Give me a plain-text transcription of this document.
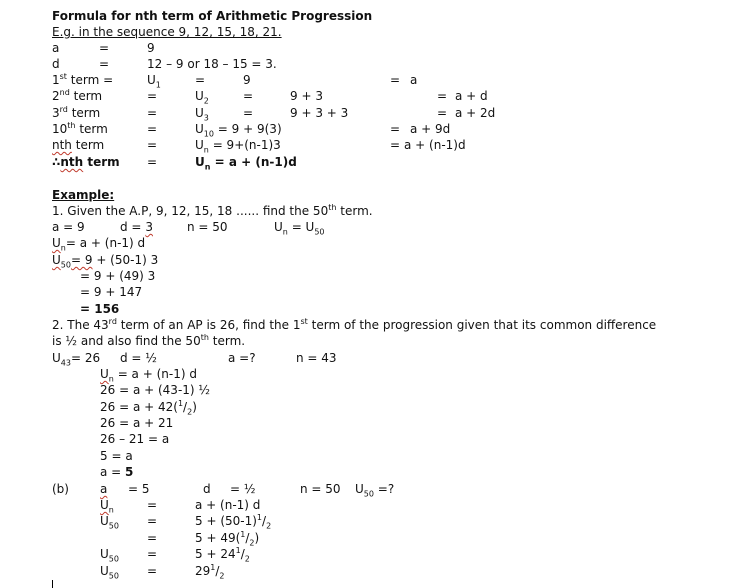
Formula for nth term of Arithmetic Progression
E.g. in the sequence 9, 12, 15, 18, 21.
a	=	9
d	=	12 – 9 or 18 – 15 = 3.
1st term =	$U_1$	=	9	= a
2nd term	=	$U_2$	=	9 + 3	= a + d
3rd term	=	$U_3$	=	9 + 3 + 3	= a + 2d
10th term	=	$U_{10} = 9 + 9(3)$	= a + 9d
nth term	=	$U_n = 9+(n-1)3$	= a + (n-1)d
∴nth term =	$U_n = a + (n-1)d$
Example:
1. Given the A.P, 9, 12, 15, 18 ...... find the 50th term.
a = 9	d = 3	n = 50	$U_n = U_{50}$
$U_n= a + (n-1)$ d
$U_{50}= 9 + (50-1)$ 3
= 9 + (49) 3
= 9 + 147
= 156
2. The 43rd term of an AP is 26, find the 1st term of the progression given that its common difference
is ½ and also find the 50th term.
$U_{43}= 26$ d = ½	a =?	n = 43
$U_n = a + (n-1)$ d
26 = a + (43-1) ½
$26 = a + 42(^1/_2)$
26 = a + 21
26 – 21 = a
5 = a
a = 5
(b)	a = 5	d = ½	n = 50 $U_{50}$ =?
$U_n$	=	a + (n-1) d
$U_{50}$ =	$5 + (50-1)^1/_2$
=	$5 + 49(^1/_2)$
$U_{50}$ =	$5 + 24^1/_2$
$U_{50}$ =	$29^1/_2$
